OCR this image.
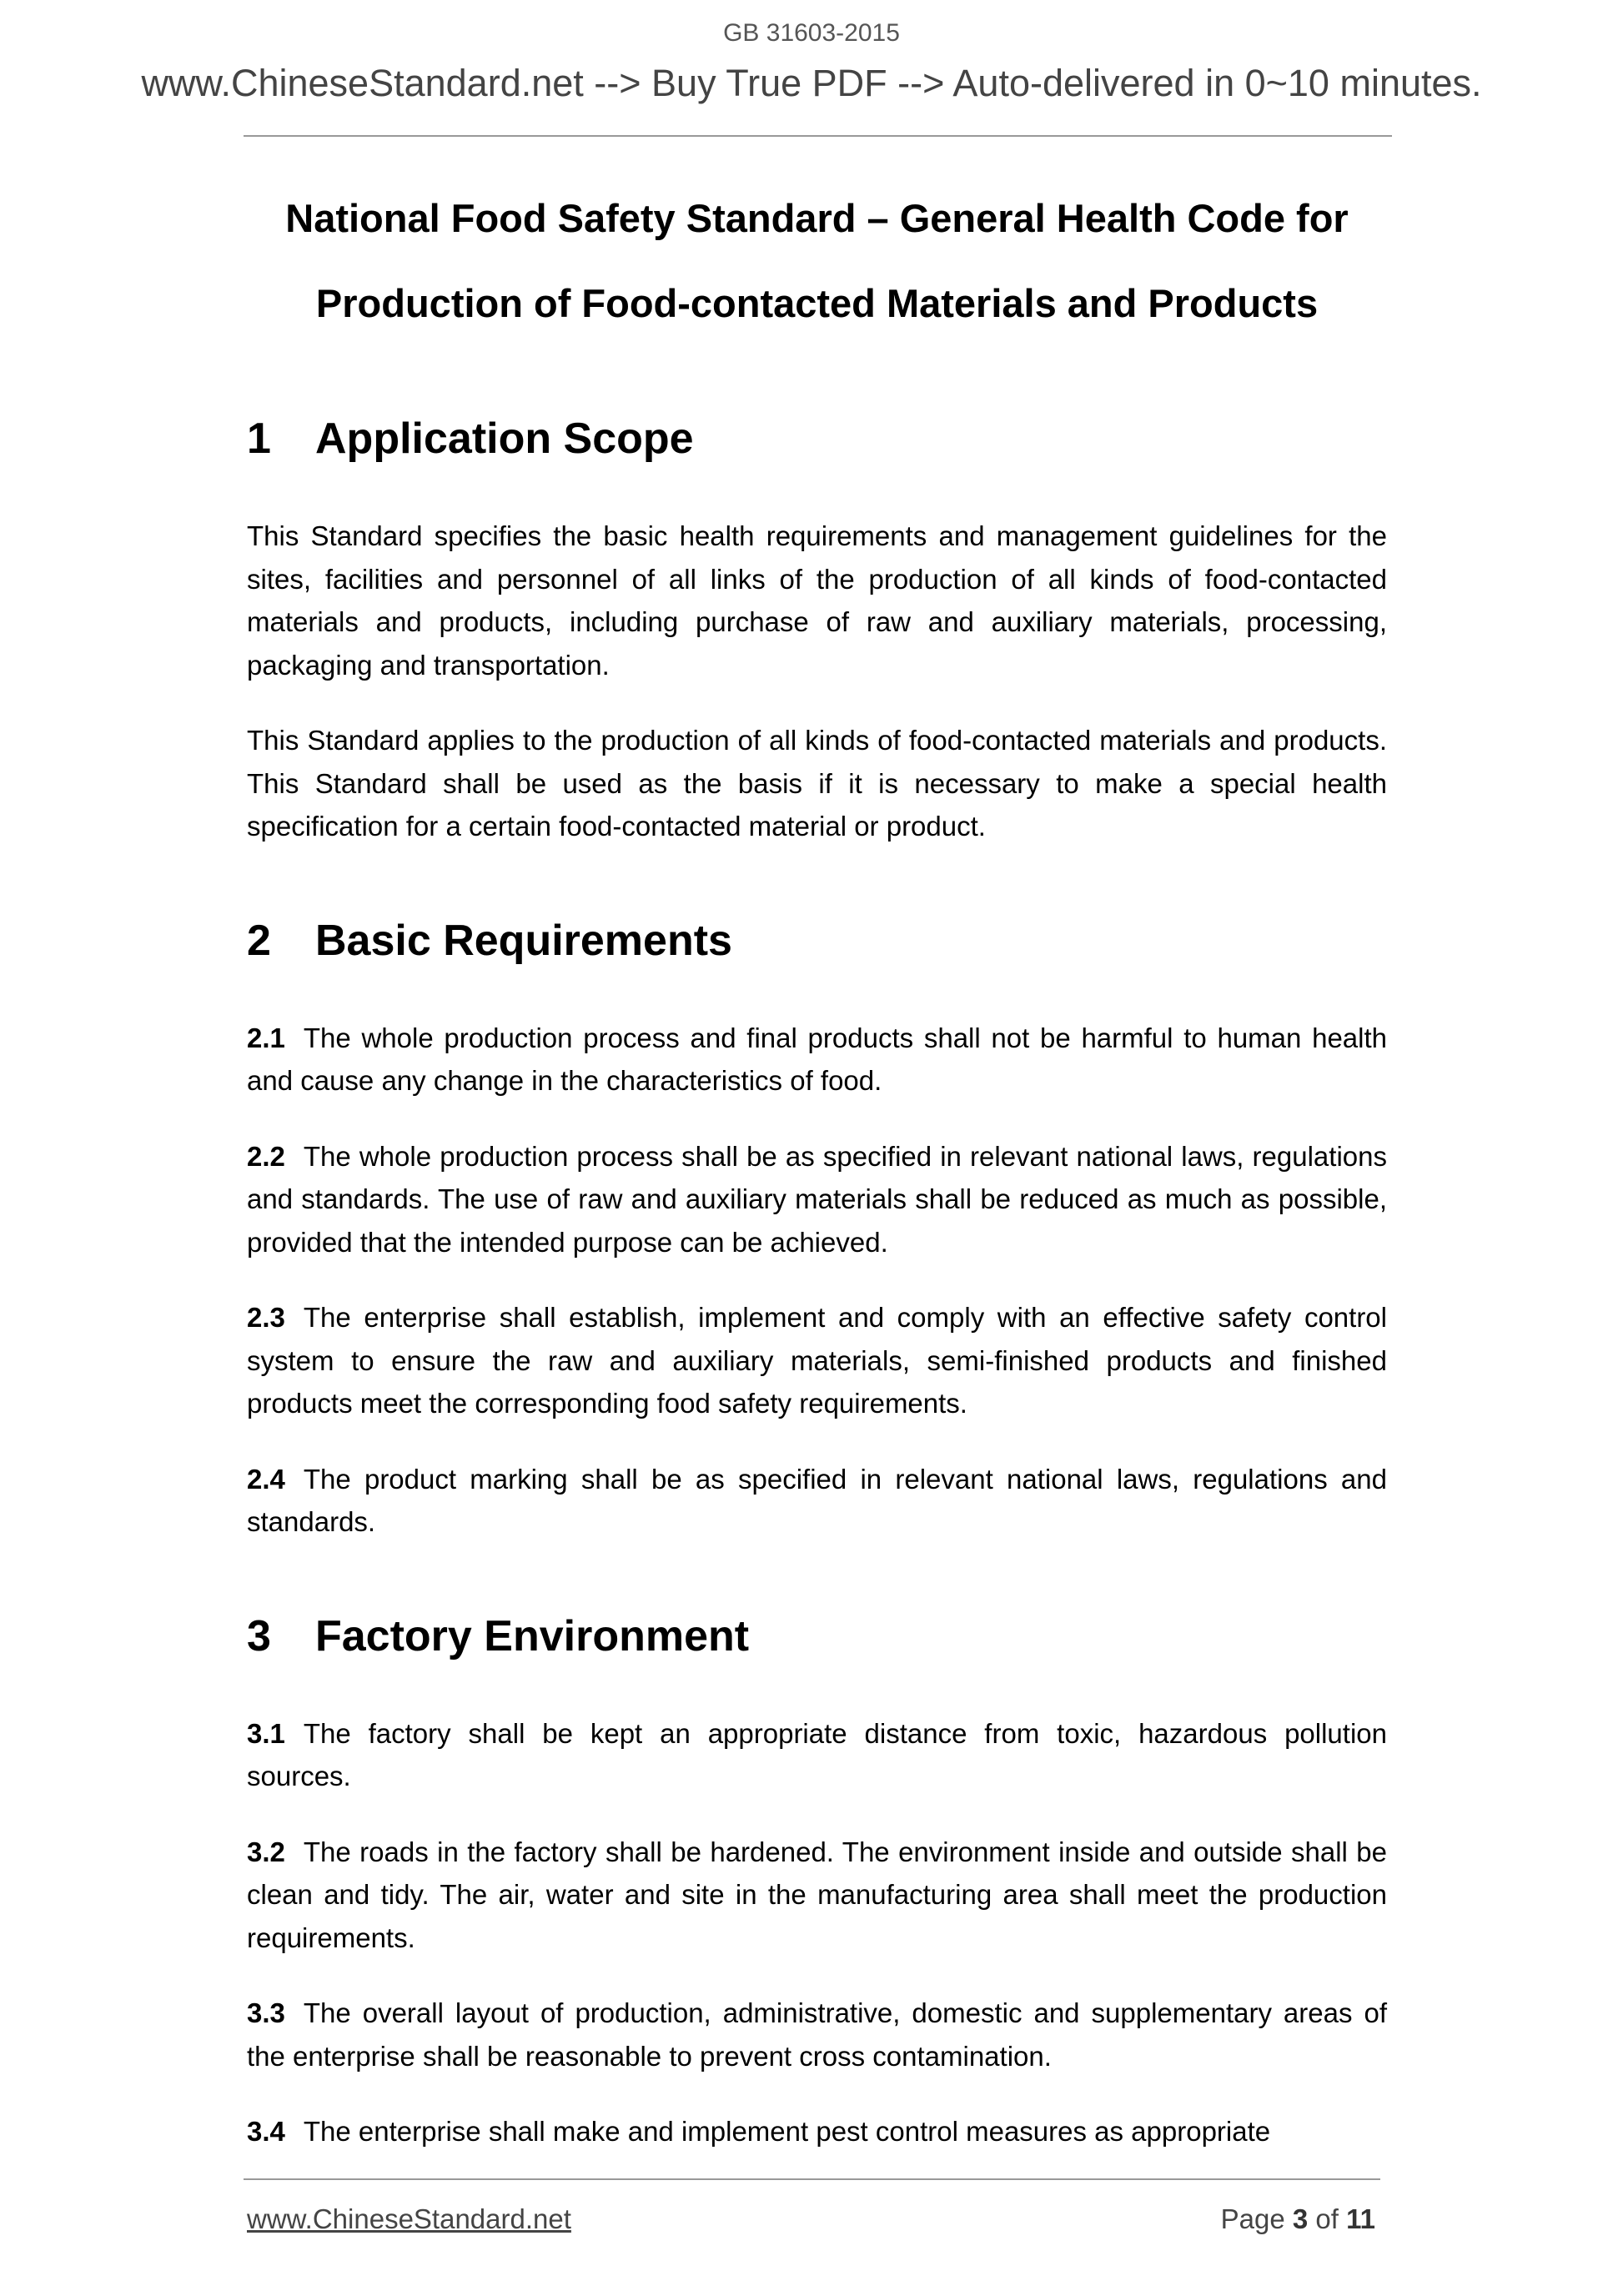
GB 31603-2015
www.ChineseStandard.net --> Buy True PDF --> Auto-delivered in 0~10 minutes.
National Food Safety Standard – General Health Code for
Production of Food-contacted Materials and Products
1 Application Scope
This Standard specifies the basic health requirements and management guidelines for the sites, facilities and personnel of all links of the production of all kinds of food-contacted materials and products, including purchase of raw and auxiliary materials, processing, packaging and transportation.
This Standard applies to the production of all kinds of food-contacted materials and products. This Standard shall be used as the basis if it is necessary to make a special health specification for a certain food-contacted material or product.
2 Basic Requirements
2.1 The whole production process and final products shall not be harmful to human health and cause any change in the characteristics of food.
2.2 The whole production process shall be as specified in relevant national laws, regulations and standards. The use of raw and auxiliary materials shall be reduced as much as possible, provided that the intended purpose can be achieved.
2.3 The enterprise shall establish, implement and comply with an effective safety control system to ensure the raw and auxiliary materials, semi-finished products and finished products meet the corresponding food safety requirements.
2.4 The product marking shall be as specified in relevant national laws, regulations and standards.
3 Factory Environment
3.1 The factory shall be kept an appropriate distance from toxic, hazardous pollution sources.
3.2 The roads in the factory shall be hardened. The environment inside and outside shall be clean and tidy. The air, water and site in the manufacturing area shall meet the production requirements.
3.3 The overall layout of production, administrative, domestic and supplementary areas of the enterprise shall be reasonable to prevent cross contamination.
3.4 The enterprise shall make and implement pest control measures as appropriate
www.ChineseStandard.net	Page 3 of 11
